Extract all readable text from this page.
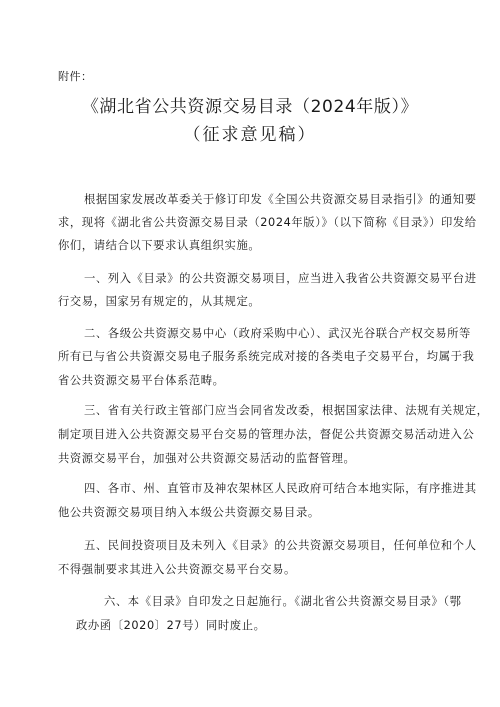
附件：
《湖北省公共资源交易目录（2024年版）》
（征求意见稿）
根据国家发展改革委关于修订印发《全国公共资源交易目录指引》的通知要
求，现将《湖北省公共资源交易目录（2024年版）》（以下简称《目录》）印发给
你们，请结合以下要求认真组织实施。
一、列入《目录》的公共资源交易项目，应当进入我省公共资源交易平台进
行交易，国家另有规定的，从其规定。
二、各级公共资源交易中心（政府采购中心）、武汉光谷联合产权交易所等
所有已与省公共资源交易电子服务系统完成对接的各类电子交易平台，均属于我
省公共资源交易平台体系范畴。
三、省有关行政主管部门应当会同省发改委，根据国家法律、法规有关规定，
制定项目进入公共资源交易平台交易的管理办法，督促公共资源交易活动进入公
共资源交易平台，加强对公共资源交易活动的监督管理。
四、各市、州、直管市及神农架林区人民政府可结合本地实际，有序推进其
他公共资源交易项目纳入本级公共资源交易目录。
五、民间投资项目及未列入《目录》的公共资源交易项目，任何单位和个人
不得强制要求其进入公共资源交易平台交易。
六、本《目录》自印发之日起施行。《湖北省公共资源交易目录》（鄂
政办函〔2020〕27号）同时废止。
